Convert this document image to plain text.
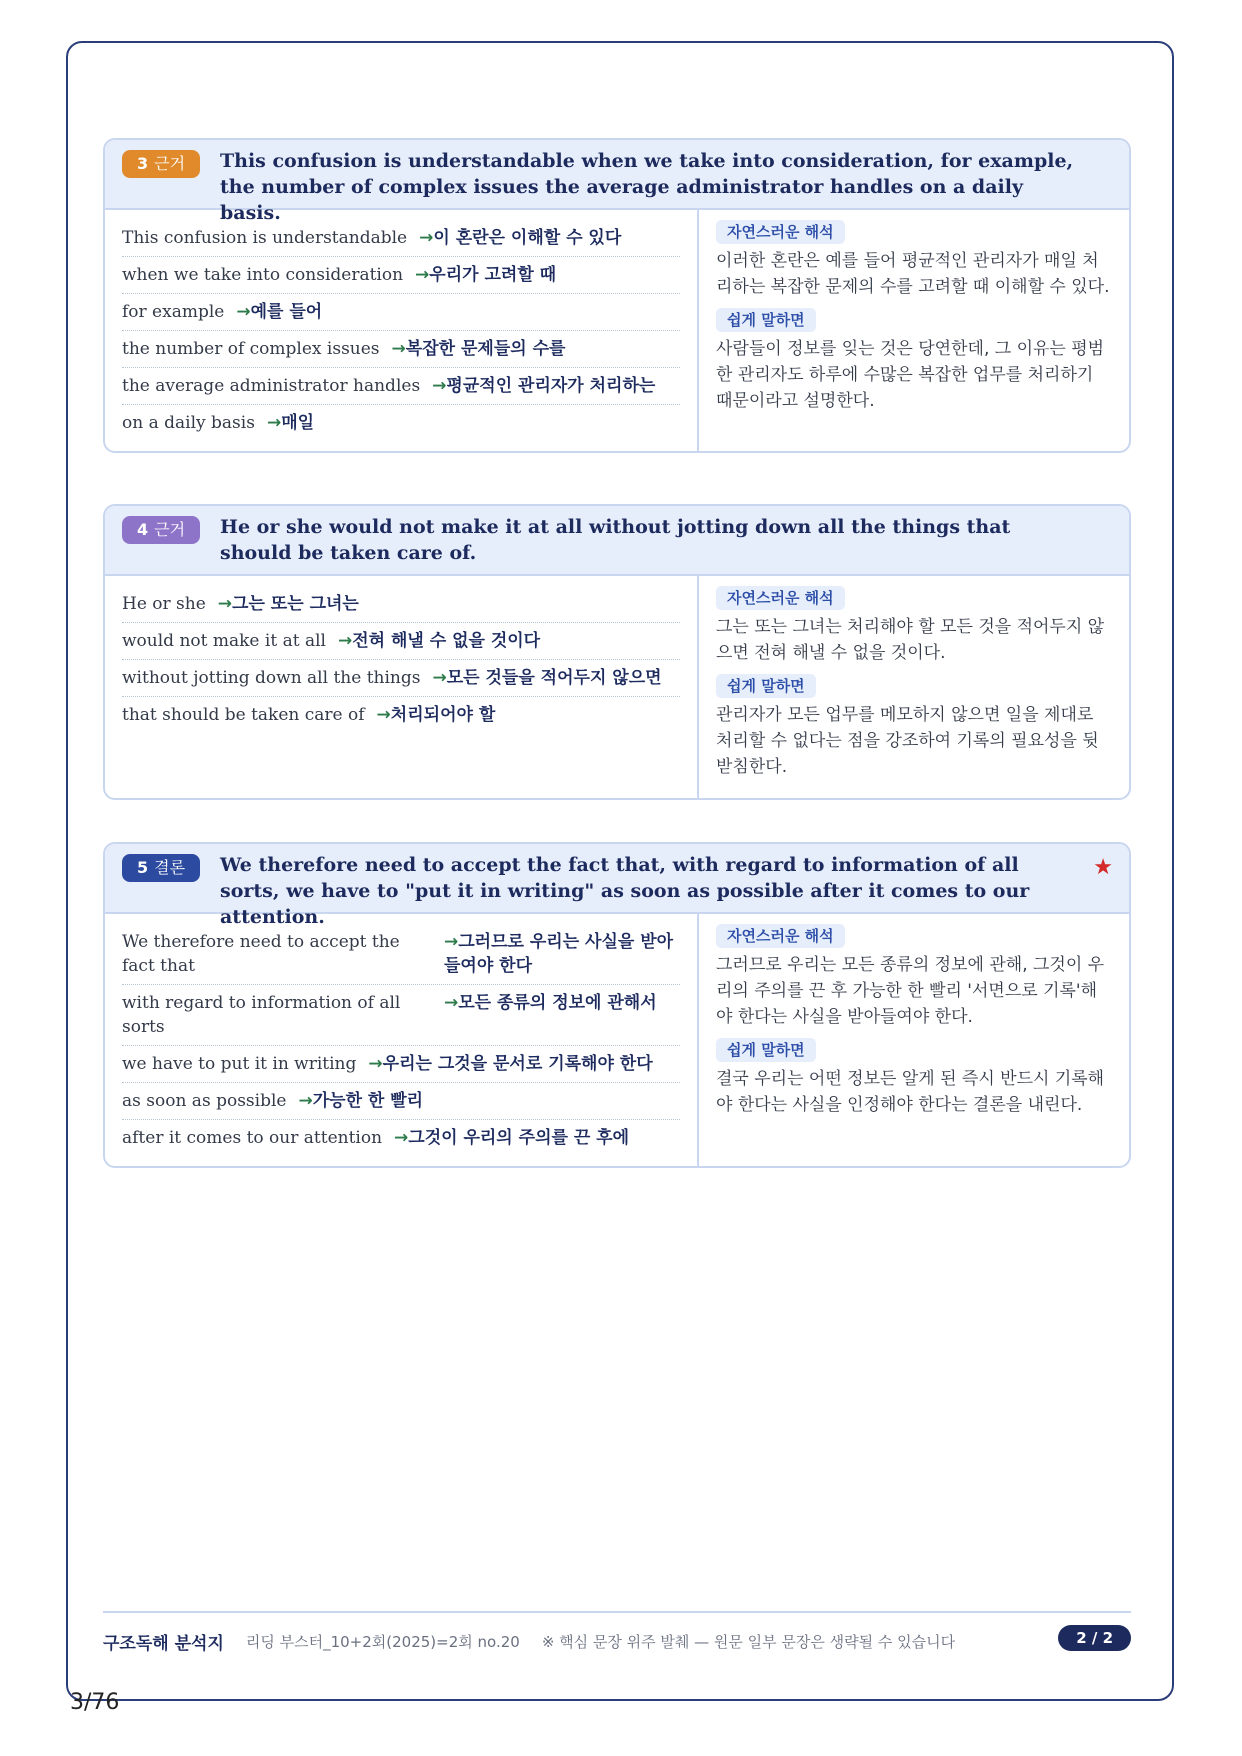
3 근거	This confusion is understandable when we take into consideration, for example, the number of complex issues the average administrator handles on a daily basis.
This confusion is understandable →이 혼란은 이해할 수 있다
when we take into consideration →우리가 고려할 때
for example →예를 들어
the number of complex issues →복잡한 문제들의 수를
the average administrator handles →평균적인 관리자가 처리하는
on a daily basis →매일
자연스러운 해석
이러한 혼란은 예를 들어 평균적인 관리자가 매일 처리하는 복잡한 문제의 수를 고려할 때 이해할 수 있다.
쉽게 말하면
사람들이 정보를 잊는 것은 당연한데, 그 이유는 평범한 관리자도 하루에 수많은 복잡한 업무를 처리하기 때문이라고 설명한다.
4 근거	He or she would not make it at all without jotting down all the things that should be taken care of.
He or she →그는 또는 그녀는
would not make it at all →전혀 해낼 수 없을 것이다
without jotting down all the things →모든 것들을 적어두지 않으면
that should be taken care of →처리되어야 할
자연스러운 해석
그는 또는 그녀는 처리해야 할 모든 것을 적어두지 않으면 전혀 해낼 수 없을 것이다.
쉽게 말하면
관리자가 모든 업무를 메모하지 않으면 일을 제대로 처리할 수 없다는 점을 강조하여 기록의 필요성을 뒷받침한다.
5 결론	We therefore need to accept the fact that, with regard to information of all sorts, we have to "put it in writing" as soon as possible after it comes to our attention.
★
We therefore need to accept the fact that
→그러므로 우리는 사실을 받아들여야 한다
with regard to information of all sorts
→모든 종류의 정보에 관해서
we have to put it in writing →우리는 그것을 문서로 기록해야 한다
as soon as possible →가능한 한 빨리
after it comes to our attention →그것이 우리의 주의를 끈 후에
자연스러운 해석
그러므로 우리는 모든 종류의 정보에 관해, 그것이 우리의 주의를 끈 후 가능한 한 빨리 '서면으로 기록'해야 한다는 사실을 받아들여야 한다.
쉽게 말하면
결국 우리는 어떤 정보든 알게 된 즉시 반드시 기록해야 한다는 사실을 인정해야 한다는 결론을 내린다.
구조독해 분석지 리딩 부스터_10+2회(2025)=2회 no.20 ※ 핵심 문장 위주 발췌 — 원문 일부 문장은 생략될 수 있습니다	2 / 2
3/76
